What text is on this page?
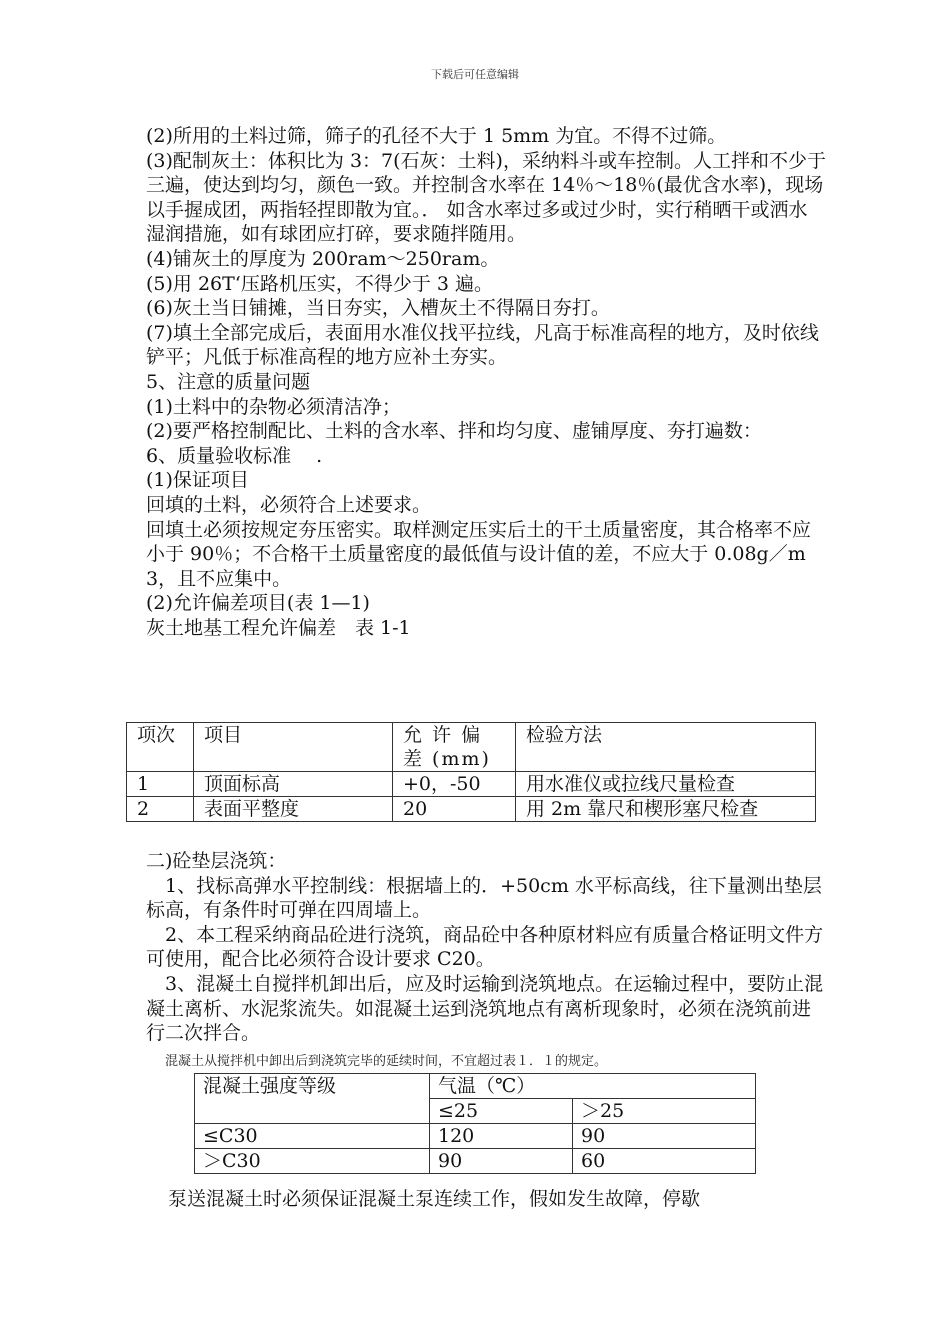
下载后可任意编辑

(2)所用的土料过筛，筛子的孔径不大于 1 5mm 为宜。不得不过筛。

(3)配制灰土：体积比为 3：7(石灰：土料)，采纳料斗或车控制。人工拌和不少于三遍，使达到均匀，颜色一致。并控制含水率在 14％～18％(最优含水率)，现场以手握成团，两指轻捏即散为宜。． 如含水率过多或过少时，实行稍晒干或洒水湿润措施，如有球团应打碎，要求随拌随用。

(4)铺灰土的厚度为 200ram～250ram。

(5)用 26T‘压路机压实，不得少于 3 遍。

(6)灰土当日铺摊，当日夯实，入槽灰土不得隔日夯打。

(7)填土全部完成后，表面用水准仪找平拉线，凡高于标准高程的地方，及时依线铲平；凡低于标准高程的地方应补土夯实。

5、注意的质量问题

(1)土料中的杂物必须清洁净；

(2)要严格控制配比、土料的含水率、拌和均匀度、虚铺厚度、夯打遍数：

6、质量验收标准　 .

(1)保证项目

回填的土料，必须符合上述要求。

回填土必须按规定夯压密实。取样测定压实后土的干土质量密度，其合格率不应小于 90％；不合格干土质量密度的最低值与设计值的差，不应大于 0.08g／m 3，且不应集中。

(2)允许偏差项目(表 1—1)

灰土地基工程允许偏差　表 1-1

项次	项目	允 许 偏 差 (mm)	检验方法
1	顶面标高	+0，-50	用水准仪或拉线尺量检查
2	表面平整度	20	用 2m 靠尺和楔形塞尺检查

二)砼垫层浇筑：

　1、找标高弹水平控制线：根据墙上的．+50cm 水平标高线，往下量测出垫层标高，有条件时可弹在四周墙上。

　2、本工程采纳商品砼进行浇筑，商品砼中各种原材料应有质量合格证明文件方可使用，配合比必须符合设计要求 C20。

　3、混凝土自搅拌机卸出后，应及时运输到浇筑地点。在运输过程中，要防止混凝土离析、水泥浆流失。如混凝土运到浇筑地点有离析现象时，必须在浇筑前进行二次拌合。

混凝土从搅拌机中卸出后到浇筑完毕的延续时间，不宜超过表１．１的规定。
混凝土强度等级	气温（℃）	
	≤25	＞25
≤C30	120	90
＞C30	90	60
泵送混凝土时必须保证混凝土泵连续工作，假如发生故障，停歇
